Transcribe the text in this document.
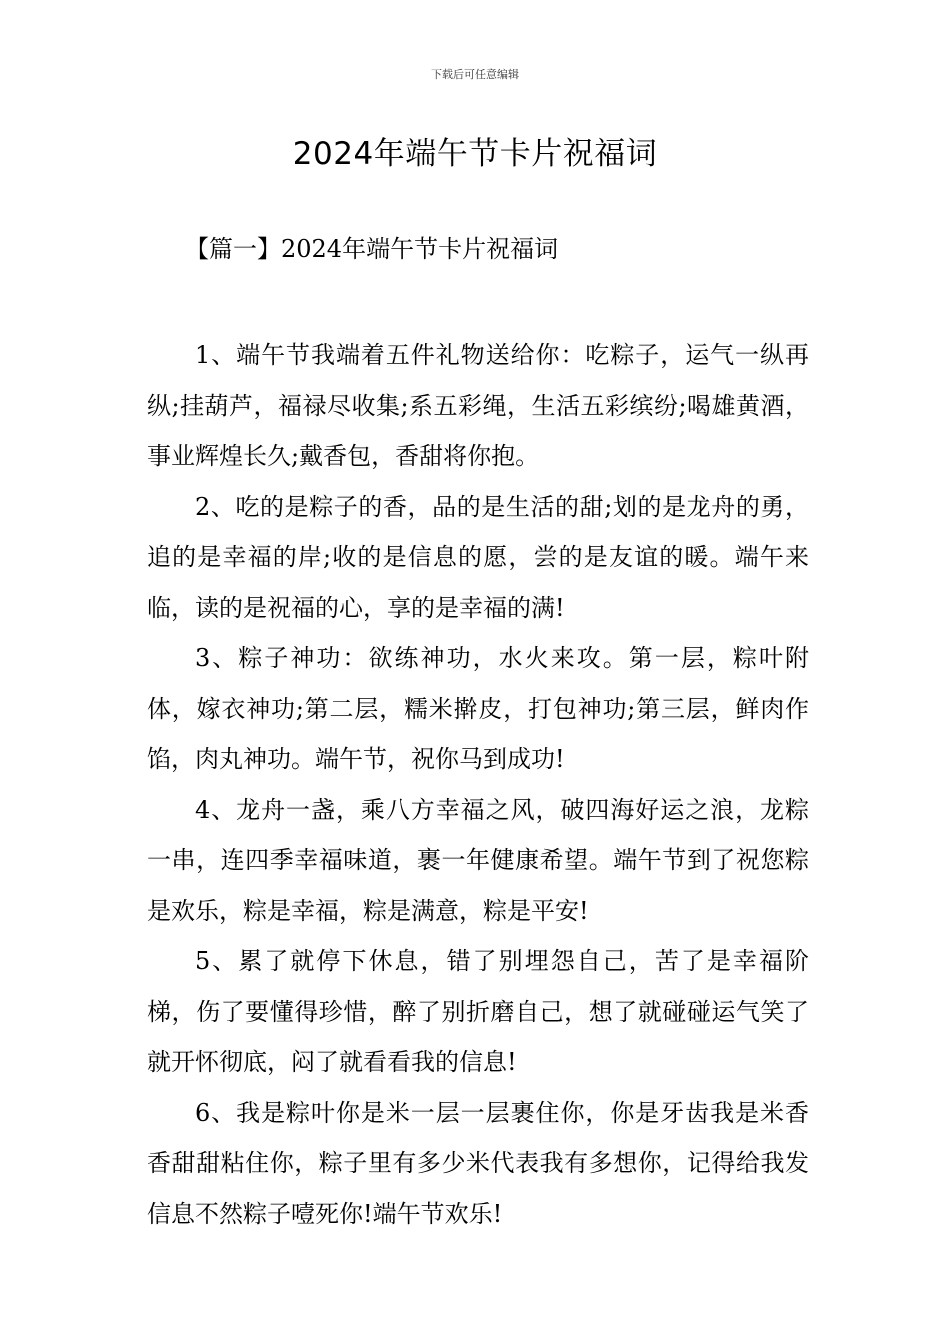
下载后可任意编辑
2024年端午节卡片祝福词
【篇一】2024年端午节卡片祝福词

1、端午节我端着五件礼物送给你：吃粽子，运气一纵再纵;挂葫芦，福禄尽收集;系五彩绳，生活五彩缤纷;喝雄黄酒，事业辉煌长久;戴香包，香甜将你抱。

2、吃的是粽子的香，品的是生活的甜;划的是龙舟的勇，追的是幸福的岸;收的是信息的愿，尝的是友谊的暖。端午来临，读的是祝福的心，享的是幸福的满!

3、粽子神功：欲练神功，水火来攻。第一层，粽叶附体，嫁衣神功;第二层，糯米擀皮，打包神功;第三层，鲜肉作馅，肉丸神功。端午节，祝你马到成功!

4、龙舟一盏，乘八方幸福之风，破四海好运之浪，龙粽一串，连四季幸福味道，裹一年健康希望。端午节到了祝您粽是欢乐，粽是幸福，粽是满意，粽是平安!

5、累了就停下休息，错了别埋怨自己，苦了是幸福阶梯，伤了要懂得珍惜，醉了别折磨自己，想了就碰碰运气笑了就开怀彻底，闷了就看看我的信息!

6、我是粽叶你是米一层一层裹住你，你是牙齿我是米香香甜甜粘住你，粽子里有多少米代表我有多想你，记得给我发信息不然粽子噎死你!端午节欢乐!
